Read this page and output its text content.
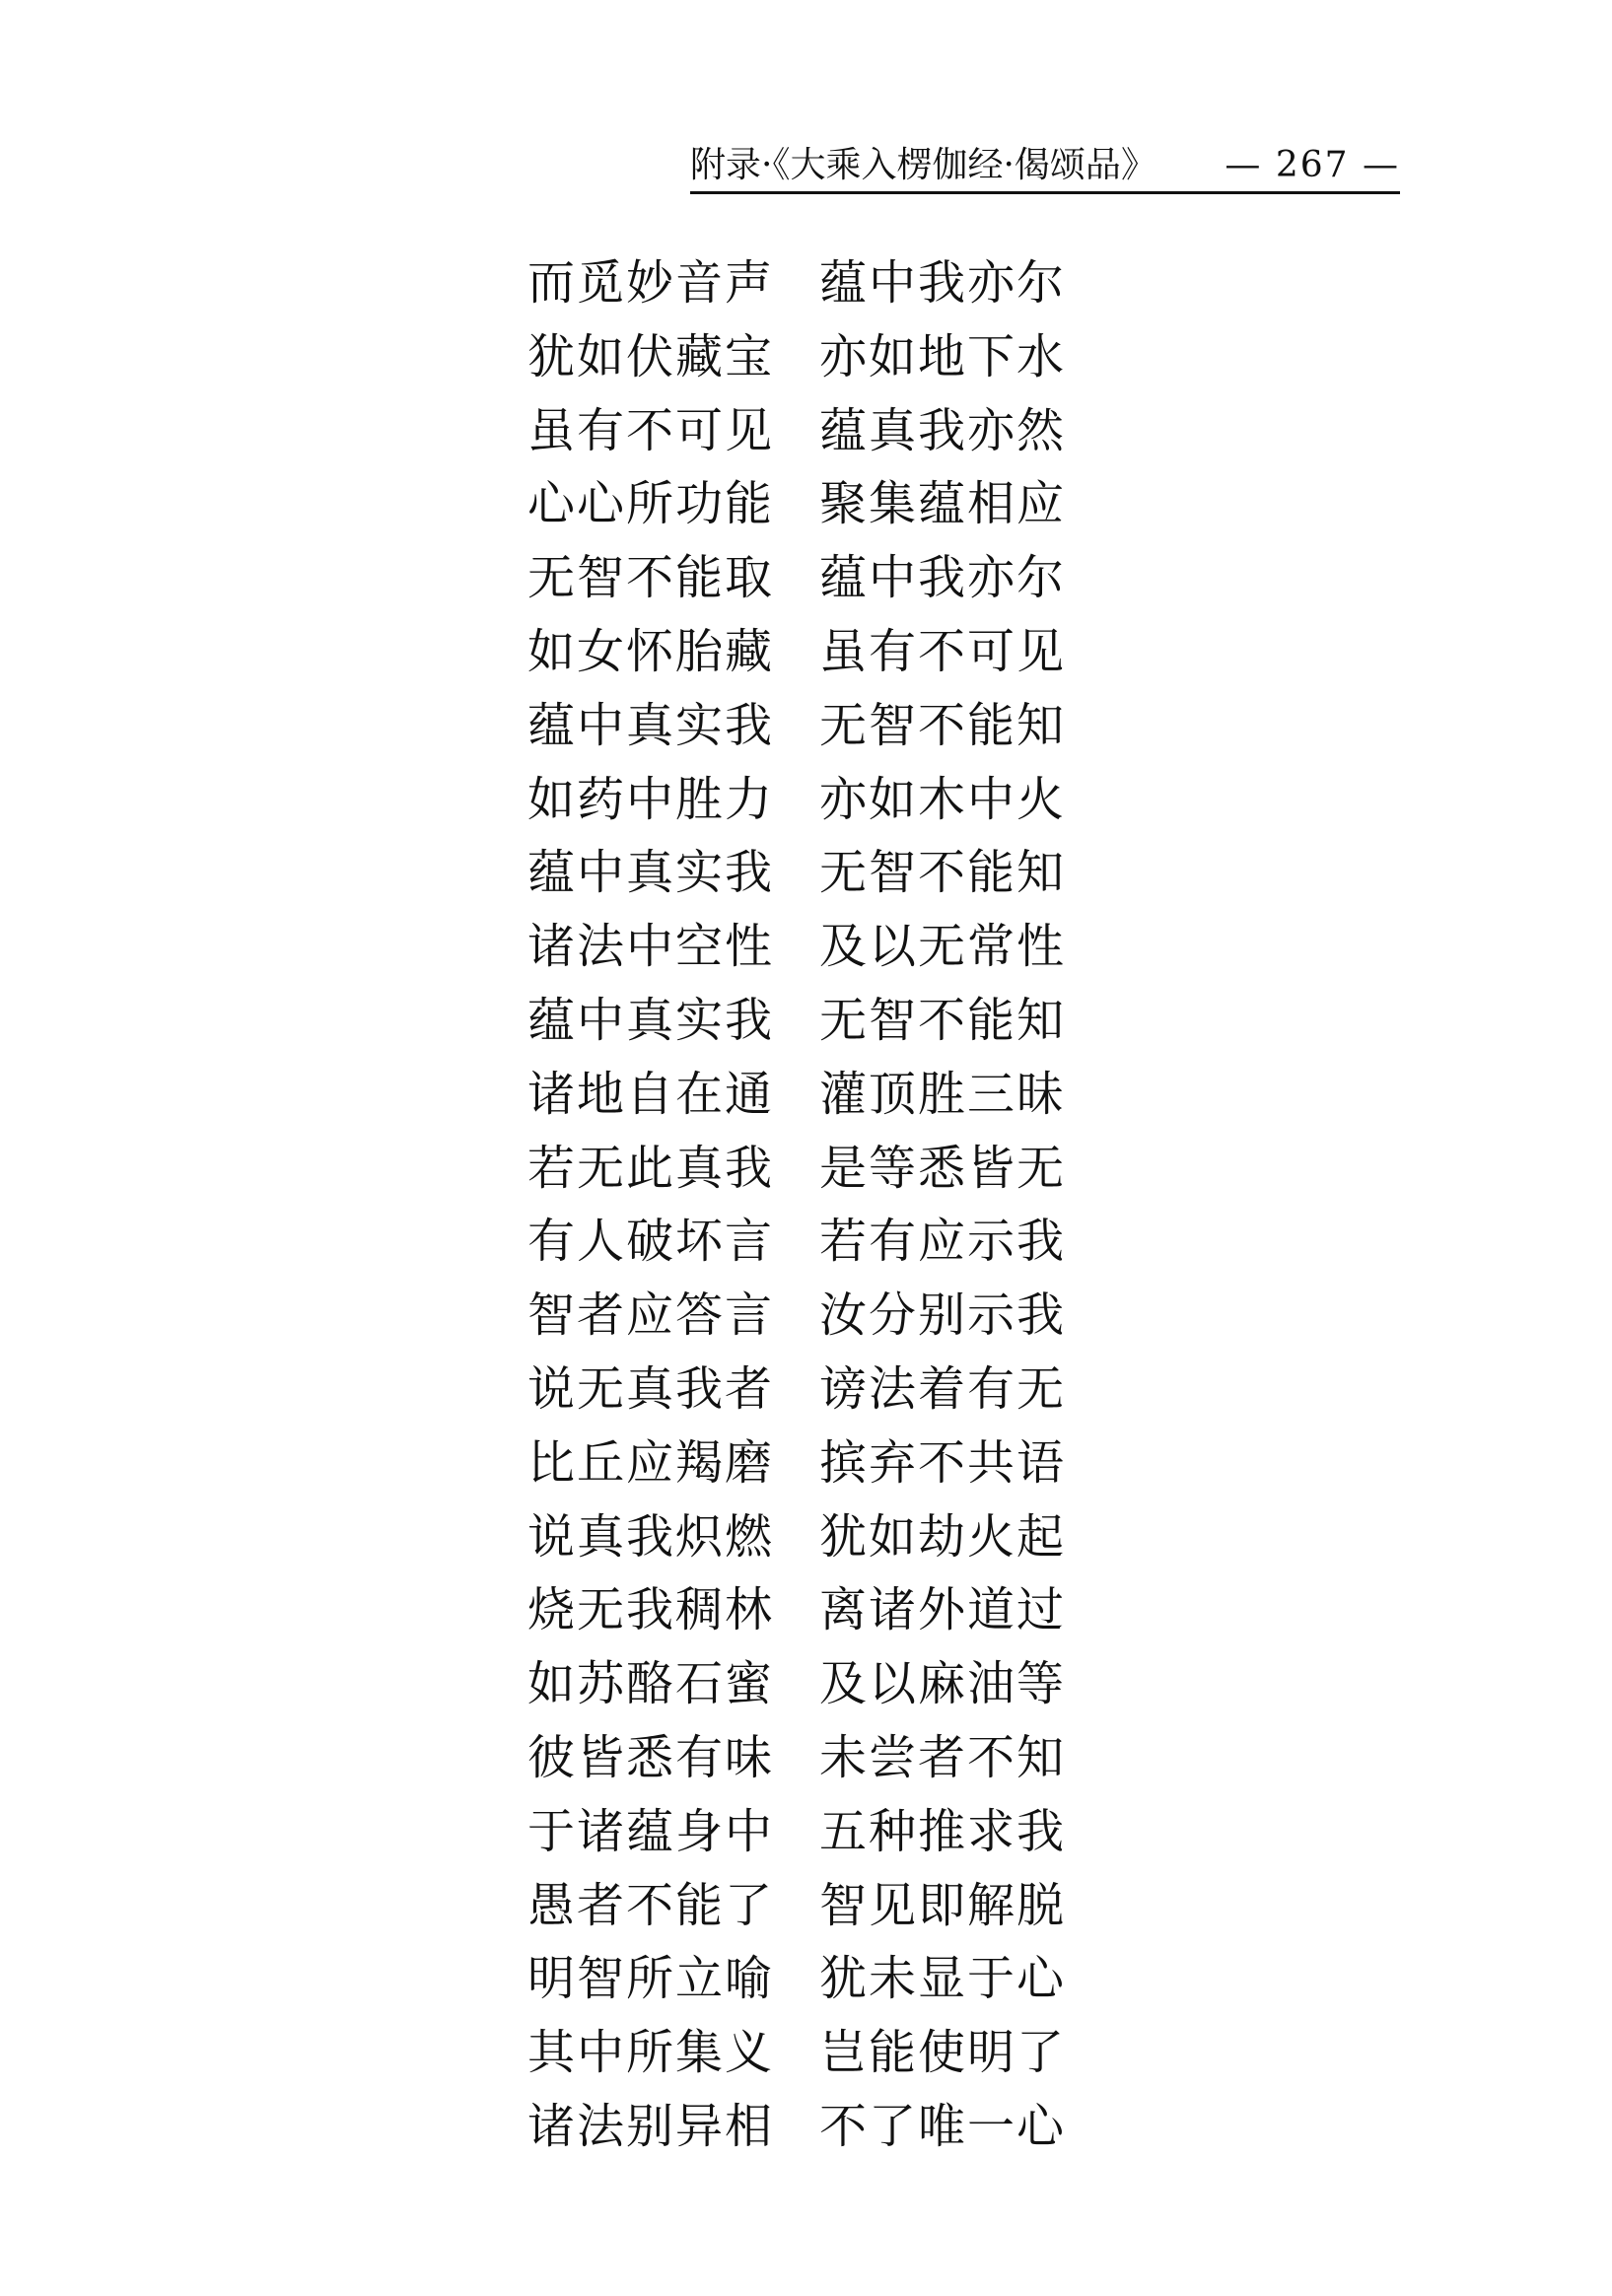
附录·《大乘入楞伽经·偈颂品》 — 267 —
而觅妙音声 蕴中我亦尔
犹如伏藏宝 亦如地下水
虽有不可见 蕴真我亦然
心心所功能 聚集蕴相应
无智不能取 蕴中我亦尔
如女怀胎藏 虽有不可见
蕴中真实我 无智不能知
如药中胜力 亦如木中火
蕴中真实我 无智不能知
诸法中空性 及以无常性
蕴中真实我 无智不能知
诸地自在通 灌顶胜三昧
若无此真我 是等悉皆无
有人破坏言 若有应示我
智者应答言 汝分别示我
说无真我者 谤法着有无
比丘应羯磨 摈弃不共语
说真我炽燃 犹如劫火起
烧无我稠林 离诸外道过
如苏酪石蜜 及以麻油等
彼皆悉有味 未尝者不知
于诸蕴身中 五种推求我
愚者不能了 智见即解脱
明智所立喻 犹未显于心
其中所集义 岂能使明了
诸法别异相 不了唯一心
